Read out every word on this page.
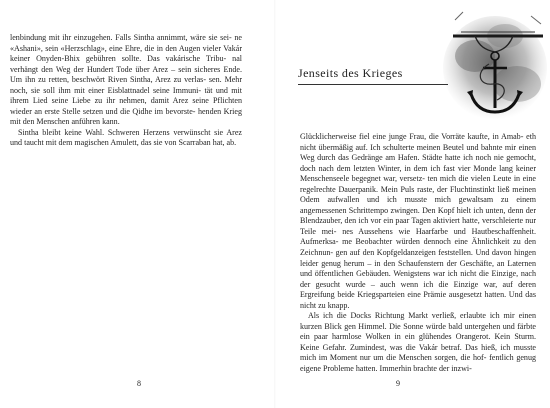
lenbindung mit ihr einzugehen. Falls Sintha annimmt, wäre sie sei- ne «Ashani», sein «Herzschlag», eine Ehre, die in den Augen vieler Vakár keiner Onyden-Bhix gebühren sollte. Das vakárische Tribu- nal verhängt den Weg der Hundert Tode über Arez – sein sicheres Ende. Um ihn zu retten, beschwört Riven Sintha, Arez zu verlas- sen. Mehr noch, sie soll ihm mit einer Eisblattnadel seine Immuni- tät und mit ihrem Lied seine Liebe zu ihr nehmen, damit Arez seine Pflichten wieder an erste Stelle setzen und die Qidhe im bevorste- henden Krieg mit den Menschen anführen kann.

Sintha bleibt keine Wahl. Schweren Herzens verwünscht sie Arez und taucht mit dem magischen Amulett, das sie von Scarraban hat, ab.

8
Jenseits des Krieges

Glücklicherweise fiel eine junge Frau, die Vorräte kaufte, in Amab- eth nicht übermäßig auf. Ich schulterte meinen Beutel und bahnte mir einen Weg durch das Gedränge am Hafen. Städte hatte ich noch nie gemocht, doch nach dem letzten Winter, in dem ich fast vier Monde lang keiner Menschenseele begegnet war, versetz- ten mich die vielen Leute in eine regelrechte Dauerpanik. Mein Puls raste, der Fluchtinstinkt ließ meinen Odem aufwallen und ich musste mich gewaltsam zu einem angemessenen Schrittempo zwingen. Den Kopf hielt ich unten, denn der Blendzauber, den ich vor ein paar Tagen aktiviert hatte, verschleierte nur Teile mei- nes Aussehens wie Haarfarbe und Hautbeschaffenheit. Aufmerksa- me Beobachter würden dennoch eine Ähnlichkeit zu den Zeichnun- gen auf den Kopfgeldanzeigen feststellen. Und davon hingen leider genug herum – in den Schaufenstern der Geschäfte, an Laternen und öffentlichen Gebäuden. Wenigstens war ich nicht die Einzige, nach der gesucht wurde – auch wenn ich die Einzige war, auf deren Ergreifung beide Kriegsparteien eine Prämie ausgesetzt hatten. Und das nicht zu knapp.

Als ich die Docks Richtung Markt verließ, erlaubte ich mir einen kurzen Blick gen Himmel. Die Sonne würde bald untergehen und färbte ein paar harmlose Wolken in ein glühendes Orangerot. Kein Sturm. Keine Gefahr. Zumindest, was die Vakár betraf. Das hieß, ich musste mich im Moment nur um die Menschen sorgen, die hof- fentlich genug eigene Probleme hatten. Immerhin brachte der inzwi-

9
